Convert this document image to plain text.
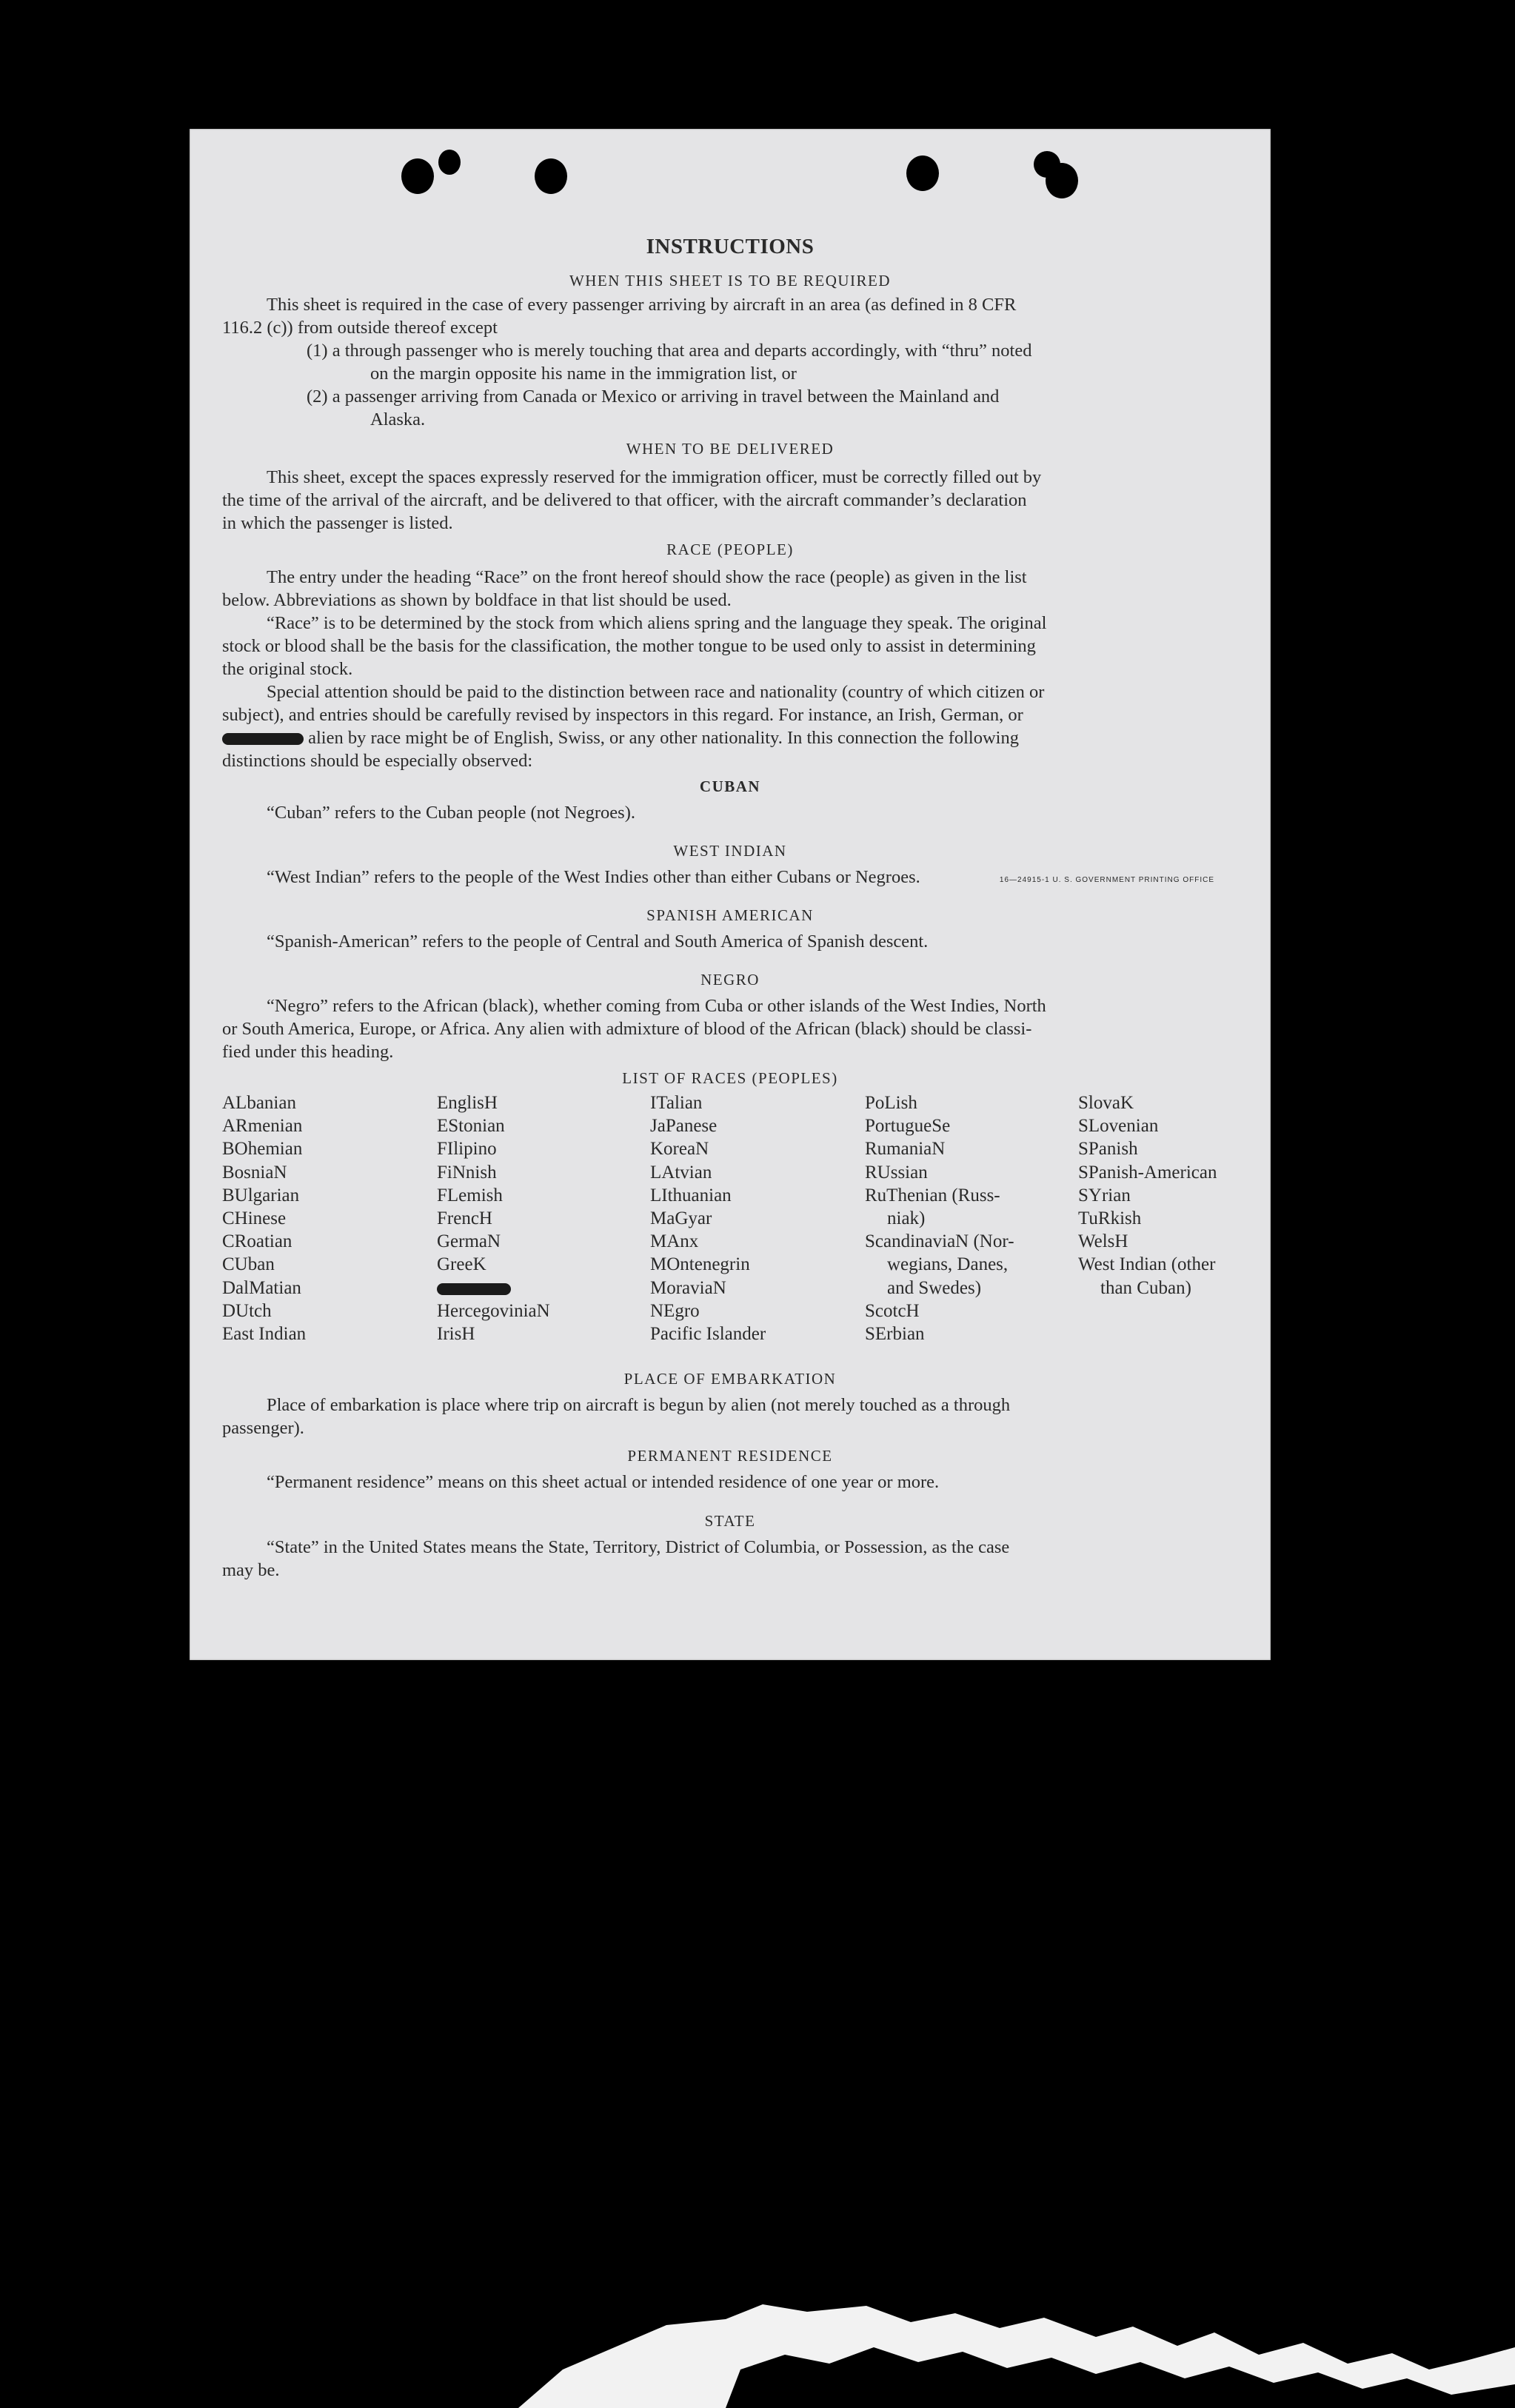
INSTRUCTIONS
WHEN THIS SHEET IS TO BE REQUIRED
This sheet is required in the case of every passenger arriving by aircraft in an area (as defined in 8 CFR
116.2 (c)) from outside thereof except
(1) a through passenger who is merely touching that area and departs accordingly, with “thru” noted
on the margin opposite his name in the immigration list, or
(2) a passenger arriving from Canada or Mexico or arriving in travel between the Mainland and
Alaska.
WHEN TO BE DELIVERED
This sheet, except the spaces expressly reserved for the immigration officer, must be correctly filled out by
the time of the arrival of the aircraft, and be delivered to that officer, with the aircraft commander’s declaration
in which the passenger is listed.
RACE (PEOPLE)
The entry under the heading “Race” on the front hereof should show the race (people) as given in the list
below. Abbreviations as shown by boldface in that list should be used.
“Race” is to be determined by the stock from which aliens spring and the language they speak. The original
stock or blood shall be the basis for the classification, the mother tongue to be used only to assist in determining
the original stock.
Special attention should be paid to the distinction between race and nationality (country of which citizen or
subject), and entries should be carefully revised by inspectors in this regard. For instance, an Irish, German, or
alien by race might be of English, Swiss, or any other nationality. In this connection the following
distinctions should be especially observed:
CUBAN
“Cuban” refers to the Cuban people (not Negroes).
WEST INDIAN
“West Indian” refers to the people of the West Indies other than either Cubans or Negroes.
SPANISH AMERICAN
“Spanish-American” refers to the people of Central and South America of Spanish descent.
NEGRO
“Negro” refers to the African (black), whether coming from Cuba or other islands of the West Indies, North
or South America, Europe, or Africa. Any alien with admixture of blood of the African (black) should be classi-
fied under this heading.
LIST OF RACES (PEOPLES)
ALbanian
ARmenian
BOhemian
BosniaN
BUlgarian
CHinese
CRoatian
CUban
DalMatian
DUtch
East Indian
EnglisH
EStonian
FIlipino
FiNnish
FLemish
FrencH
GermaN
GreeK
HercegoviniaN
IrisH
ITalian
JaPanese
KoreaN
LAtvian
LIthuanian
MaGyar
MAnx
MOntenegrin
MoraviaN
NEgro
Pacific Islander
PoLish
PortugueSe
RumaniaN
RUssian
RuThenian (Russ-
niak)
ScandinaviaN (Nor-
wegians, Danes,
and Swedes)
ScotcH
SErbian
SlovaK
SLovenian
SPanish
SPanish-American
SYrian
TuRkish
WelsH
West Indian (other
than Cuban)
PLACE OF EMBARKATION
Place of embarkation is place where trip on aircraft is begun by alien (not merely touched as a through
passenger).
PERMANENT RESIDENCE
“Permanent residence” means on this sheet actual or intended residence of one year or more.
STATE
“State” in the United States means the State, Territory, District of Columbia, or Possession, as the case
may be.
16—24915-1 U. S. GOVERNMENT PRINTING OFFICE
